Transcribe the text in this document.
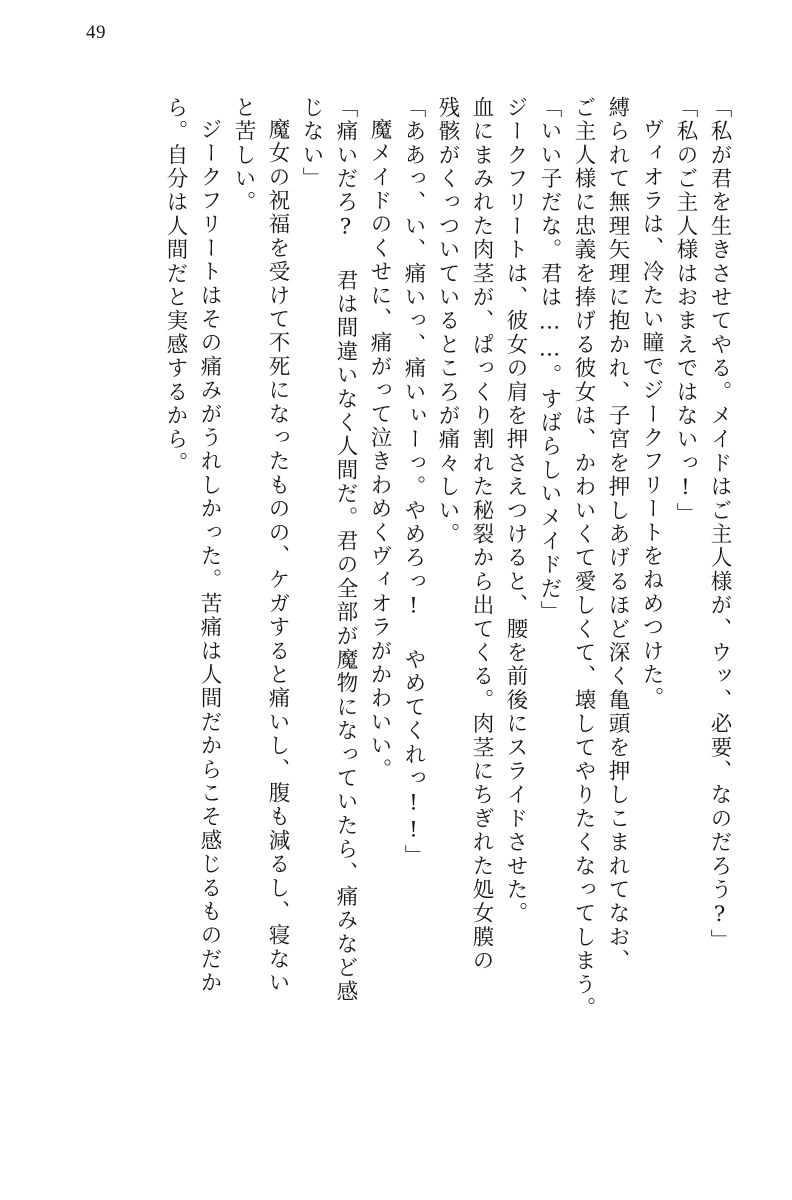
49
「私が君を生きさせてやる。メイドはご主人様が、ウッ、必要、なのだろう?」
「私のご主人様はおまえではないっ!」
ヴィオラは、冷たい瞳でジークフリートをねめつけた。
縛られて無理矢理に抱かれ、子宮を押しあげるほど深く亀頭を押しこまれてなお、
ご主人様に忠義を捧げる彼女は、かわいくて愛しくて、壊してやりたくなってしまう。
「いい子だな。君は……。すばらしいメイドだ」
ジークフリートは、彼女の肩を押さえつけると、腰を前後にスライドさせた。
血にまみれた肉茎が、ぱっくり割れた秘裂から出てくる。肉茎にちぎれた処女膜の
残骸がくっついているところが痛々しい。
「ああっ、い、痛いっ、痛いぃーっ。やめろっ! やめてくれっ!!」
魔メイドのくせに、痛がって泣きわめくヴィオラがかわいい。
「痛いだろ? 君は間違いなく人間だ。君の全部が魔物になっていたら、痛みなど感
じない」
魔女の祝福を受けて不死になったものの、ケガすると痛いし、腹も減るし、寝ない
と苦しい。
ジークフリートはその痛みがうれしかった。苦痛は人間だからこそ感じるものだか
ら。自分は人間だと実感するから。
